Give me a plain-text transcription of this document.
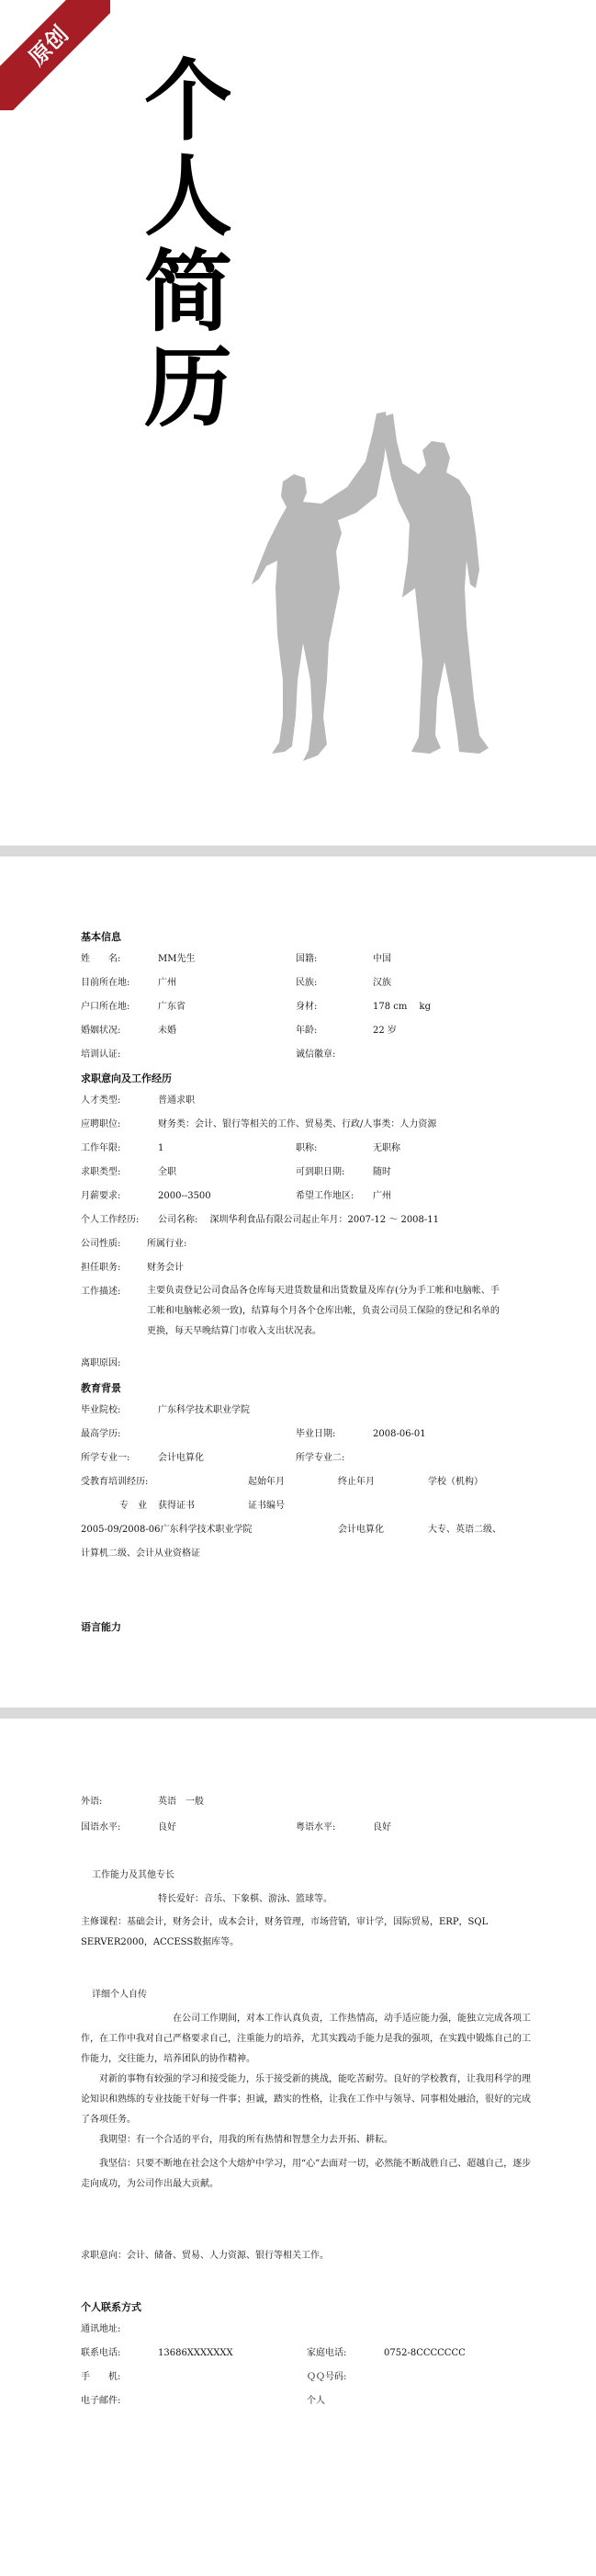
原创
个
人
简
历
基本信息
姓　　名:	MM先生	国籍:	中国
目前所在地:	广州	民族:	汉族
户口所在地:	广东省	身材:	178 cm　 kg
婚姻状况:	未婚	年龄:	22 岁
培训认证:	诚信徽章:
求职意向及工作经历
人才类型:	普通求职
应聘职位:	财务类：会计、银行等相关的工作、贸易类、行政/人事类：人力资源
工作年限:	1	职称:	无职称
求职类型:	全职	可到职日期:	随时
月薪要求:	2000--3500	希望工作地区: 广州
个人工作经历: 公司名称:　 深圳华利食品有限公司起止年月：2007-12 ～ 2008-11
公司性质:	所属行业:
担任职务:	财务会计
工作描述:	主要负责登记公司食品各仓库每天进货数量和出货数量及库存(分为手工帐和电脑帐、手工帐和电脑帐必须一致)，结算每个月各个仓库出帐，负责公司员工保险的登记和名单的更换，每天早晚结算门市收入支出状况表。
离职原因:
教育背景
毕业院校:	广东科学技术职业学院
最高学历:	毕业日期:	2008-06-01
所学专业一:	会计电算化	所学专业二:
受教育培训经历:	起始年月	终止年月	学校（机构）
专　业 获得证书	证书编号
2005-09/2008-06广东科学技术职业学院	会计电算化	大专、英语二级、
计算机二级、会计从业资格证
语言能力
外语:	英语　一般
国语水平:	良好	粤语水平:	良好
工作能力及其他专长
特长爱好：音乐、下象棋、游泳、篮球等。
主修课程：基础会计，财务会计，成本会计，财务管理，市场营销，审计学，国际贸易，ERP，SQL SERVER2000，ACCESS数据库等。
详细个人自传
在公司工作期间，对本工作认真负责，工作热情高，动手适应能力强，能独立完成各项工作，在工作中我对自己严格要求自己，注重能力的培养，尤其实践动手能力是我的强项，在实践中锻炼自己的工作能力，交往能力，培养团队的协作精神。
对新的事物有较强的学习和接受能力，乐于接受新的挑战，能吃苦耐劳。良好的学校教育，让我用科学的理论知识和熟练的专业技能干好每一件事；担诚，踏实的性格，让我在工作中与领导、同事相处融洽，很好的完成了各项任务。
我期望：有一个合适的平台，用我的所有热情和智慧全力去开拓、耕耘。
我坚信：只要不断地在社会这个大熔炉中学习，用“心”去面对一切，必然能不断战胜自己、超越自己，逐步走向成功，为公司作出最大贡献。
求职意向：会计、储备、贸易、人力资源、银行等相关工作。
个人联系方式
通讯地址:
联系电话:	13686XXXXXXX	家庭电话:	0752-8CCCCCCC
手　　机:	ＱＱ号码:
电子邮件:	个人
